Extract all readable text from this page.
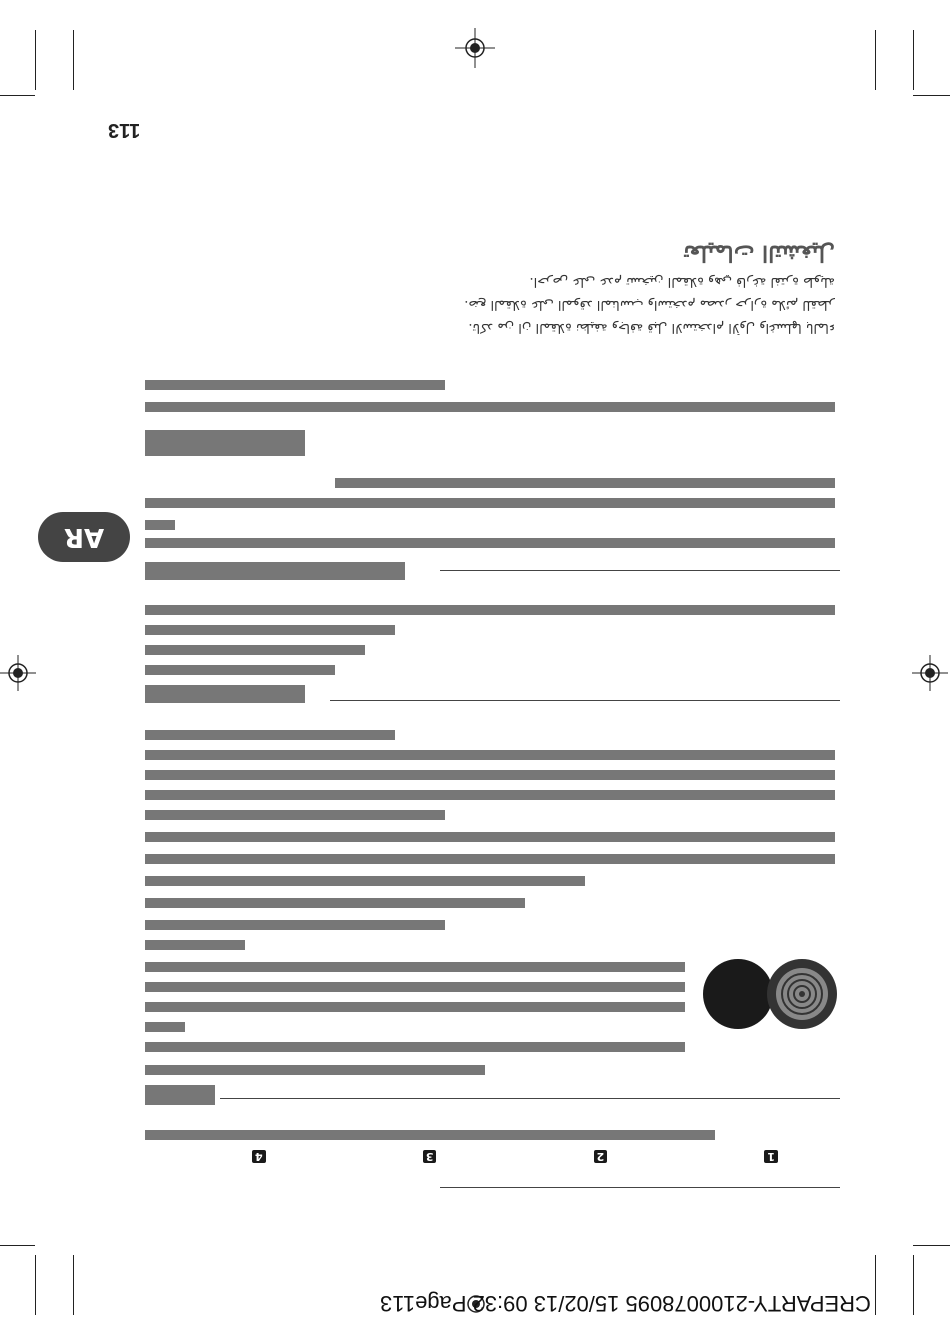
113
AR
ﺗﺄﻛﺪ ﻣﻦ ﺃﻥ ﺍﻟﻤﻘﻼﺓ ﻧﻈﻴﻔﺔ ﻭﺟﺎﻓﺔ ﻗﺒﻞ ﺍﻻﺳﺘﺨﺪﺍﻡ ﺍﻷﻭﻝ ﻭﺍﻏﺴﻠﻬﺎ ﺑﺎﻟﻤﺎﺀ.
ﺿﻊ ﺍﻟﻤﻘﻼﺓ ﻋﻠﻰ ﺍﻟﻤﻮﻗﺪ ﺍﻟﻤﻨﺎﺳﺐ ﻭﺍﺳﺘﺨﺪﻡ ﻣﺼﺪﺭ ﺣﺮﺍﺭﺓ ﻣﻼﺋﻢ ﻟﻠﻘﻄﺮ.
ﺍﺣﺮﺹ ﻋﻠﻰ ﻋﺪﻡ ﺗﺴﺨﻴﻦ ﺍﻟﻤﻘﻼﺓ ﻭﻫﻲ ﻓﺎﺭﻏﺔ ﻟﻔﺘﺮﺓ ﻃﻮﻳﻠﺔ.
ﺗﻌﻠﻴﻤﺎﺕ ﺍﻟﺘﺸﻐﻴﻞ
1
2
3
4
CREPARTY-2100078095 15/02/13 09:32 Page113
